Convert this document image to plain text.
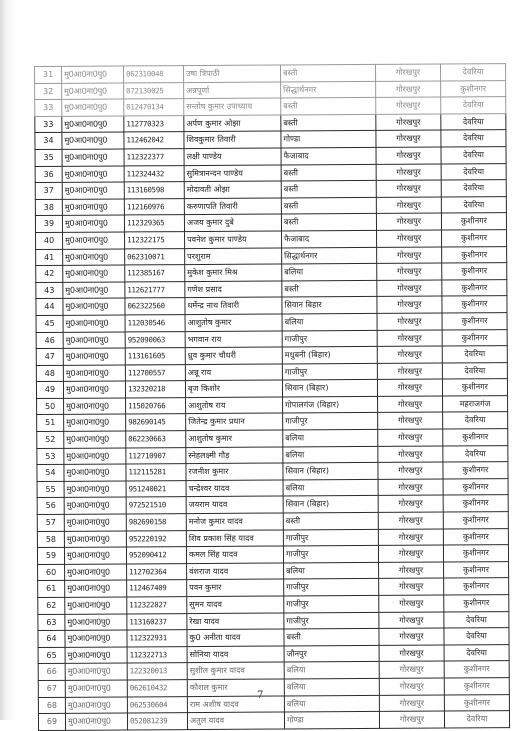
31	मु0आ0ना0पु0	062310048	उषा त्रिपाठी	बस्ती	गोरखपुर	देवरिया
32	मु0आ0ना0पु0	072130025	अन्नपूर्णा	सिद्धार्थनगर	गोरखपुर	कुशीनगर
33	मु0आ0ना0पु0	012470134	सन्तोष कुमार उपाध्याय	बस्ती	गोरखपुर	देवरिया
33	मु0आ0ना0पु0	112770323	अर्पण कुमार ओझा	बस्ती	गोरखपुर	देवरिया
34	मु0आ0ना0पु0	112462042	शिवकुमार तिवारी	गोण्डा	गोरखपुर	देवरिया
35	मु0आ0ना0पु0	112322377	लक्षी पाण्डेय	फैजाबाद	गोरखपुर	देवरिया
36	मु0आ0ना0पु0	112324432	सुमित्रानन्दन पाण्डेय	बस्ती	गोरखपुर	देवरिया
37	मु0आ0ना0पु0	113160598	मोदावती ओझा	बस्ती	गोरखपुर	देवरिया
38	मु0आ0ना0पु0	112160976	करुणापति तिवारी	बस्ती	गोरखपुर	देवरिया
39	मु0आ0ना0पु0	112329365	अजय कुमार दुबे	बस्ती	गोरखपुर	कुशीनगर
40	मु0आ0ना0पु0	112322175	पवनेश कुमार पाण्डेय	फैजाबाद	गोरखपुर	कुशीनगर
41	मु0आ0ना0पु0	062310071	परशुराम	सिद्धार्थनगर	गोरखपुर	कुशीनगर
42	मु0आ0ना0पु0	112385167	मुकेश कुमार मिश्र	बलिया	गोरखपुर	कुशीनगर
43	मु0आ0ना0पु0	112621777	गणेश प्रसाद	बस्ती	गोरखपुर	कुशीनगर
44	मु0आ0ना0पु0	062322560	धर्मेन्द्र नाथ तिवारी	सिवान बिहार	गोरखपुर	कुशीनगर
45	मु0आ0ना0पु0	112030546	आशुतोष कुमार	बलिया	गोरखपुर	कुशीनगर
46	मु0आ0ना0पु0	952090063	भगवान राय	गाजीपुर	गोरखपुर	कुशीनगर
47	मु0आ0ना0पु0	113161605	ध्रुव कुमार चौधरी	मधुबनी (बिहार)	गोरखपुर	देवरिया
48	मु0आ0ना0पु0	112700557	अन्नू राय	गाजीपुर	गोरखपुर	देवरिया
49	मु0आ0ना0पु0	132320218	बृज किशोर	सिवान (बिहार)	गोरखपुर	कुशीनगर
50	मु0आ0ना0पु0	115020766	आशुतोष राय	गोपालगंज (बिहार)	गोरखपुर	महराजगंज
51	मु0आ0ना0पु0	982690145	जितेन्द्र कुमार प्रधान	गाजीपुर	गोरखपुर	देवरिया
52	मु0आ0ना0पु0	062230663	आशुतोष कुमार	बलिया	गोरखपुर	कुशीनगर
53	मु0आ0ना0पु0	112710907	स्नेहलक्ष्मी गौड़	बलिया	गोरखपुर	देवरिया
54	मु0आ0ना0पु0	112115281	रजनीश कुमार	सिवान (बिहार)	गोरखपुर	कुशीनगर
55	मु0आ0ना0पु0	951240021	चन्द्रेश्वर यादव	बलिया	गोरखपुर	कुशीनगर
56	मु0आ0ना0पु0	972521510	जयराम यादव	सिवान (बिहार)	गोरखपुर	कुशीनगर
57	मु0आ0ना0पु0	982690158	मनोज कुमार यादव	बस्ती	गोरखपुर	कुशीनगर
58	मु0आ0ना0पु0	952220192	शिव प्रकाश सिंह यादव	गाजीपुर	गोरखपुर	कुशीनगर
59	मु0आ0ना0पु0	952090412	कमल सिंह यादव	गाजीपुर	गोरखपुर	कुशीनगर
60	मु0आ0ना0पु0	112702364	वंशराज यादव	बलिया	गोरखपुर	कुशीनगर
61	मु0आ0ना0पु0	112467409	पवन कुमार	गाजीपुर	गोरखपुर	कुशीनगर
62	मु0आ0ना0पु0	112322827	सुमन यादव	गाजीपुर	गोरखपुर	कुशीनगर
63	मु0आ0ना0पु0	113160237	रेखा यादव	गाजीपुर	गोरखपुर	देवरिया
64	मु0आ0ना0पु0	112322931	कु0 अनीता यादव	बस्ती	गोरखपुर	देवरिया
65	मु0आ0ना0पु0	112322713	सोनिया यादव	जौनपुर	गोरखपुर	देवरिया
66	मु0आ0ना0पु0	122320013	सुशील कुमार यादव	बलिया	गोरखपुर	कुशीनगर
67	मु0आ0ना0पु0	062610432	कौशल कुमार	बलिया	गोरखपुर	कुशीनगर
68	मु0आ0ना0पु0	062530604	राम अशीष यादव	बलिया	गोरखपुर	कुशीनगर
69	मु0आ0ना0पु0	052081239	अतुल यादव	गोण्डा	गोरखपुर	देवरिया
7
